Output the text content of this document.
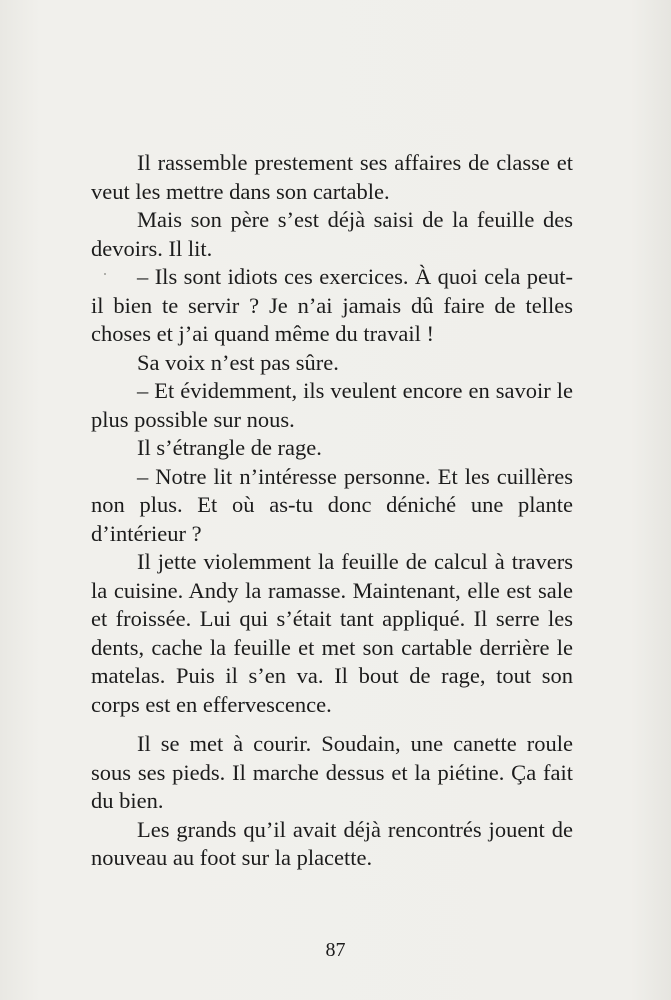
Il rassemble prestement ses affaires de classe et veut les mettre dans son cartable.

Mais son père s’est déjà saisi de la feuille des devoirs. Il lit.

– Ils sont idiots ces exercices. À quoi cela peut-il bien te servir ? Je n’ai jamais dû faire de telles choses et j’ai quand même du travail !

Sa voix n’est pas sûre.

– Et évidemment, ils veulent encore en savoir le plus possible sur nous.

Il s’étrangle de rage.

– Notre lit n’intéresse personne. Et les cuillères non plus. Et où as-tu donc déniché une plante d’intérieur ?

Il jette violemment la feuille de calcul à travers la cuisine. Andy la ramasse. Maintenant, elle est sale et froissée. Lui qui s’était tant appliqué. Il serre les dents, cache la feuille et met son cartable derrière le matelas. Puis il s’en va. Il bout de rage, tout son corps est en effervescence.

Il se met à courir. Soudain, une canette roule sous ses pieds. Il marche dessus et la piétine. Ça fait du bien.

Les grands qu’il avait déjà rencontrés jouent de nouveau au foot sur la placette.

87
